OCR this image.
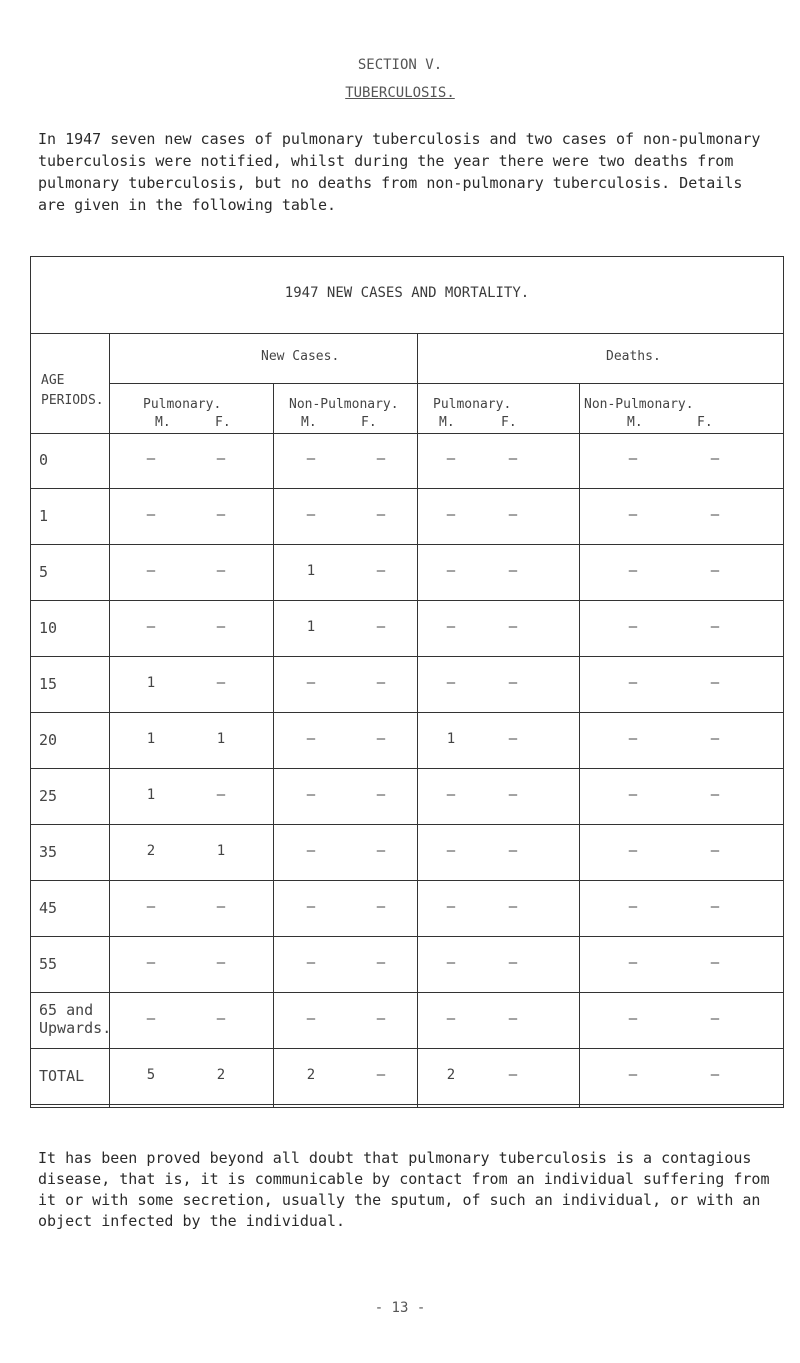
SECTION V.
TUBERCULOSIS.

In 1947 seven new cases of pulmonary tuberculosis and two cases of non-pulmonary tuberculosis were notified, whilst during the year there were two deaths from pulmonary tuberculosis, but no deaths from non-pulmonary tuberculosis. Details are given in the following table.

1947 NEW CASES AND MORTALITY.
AGE
PERIODS.
New Cases.	Deaths.
Pulmonary.	Non-Pulmonary.	Pulmonary.	Non-Pulmonary.
M.	F.	M.	F.	M.	F.	M.	F.
0	—	—	—	—	—	—	—	—
1	—	—	—	—	—	—	—	—
5	—	—	1	—	—	—	—	—
10	—	—	1	—	—	—	—	—
15	1	—	—	—	—	—	—	—
20	1	1	—	—	1	—	—	—
25	1	—	—	—	—	—	—	—
35	2	1	—	—	—	—	—	—
45	—	—	—	—	—	—	—	—
55	—	—	—	—	—	—	—	—
65 and Upwards.	—	—	—	—	—	—	—	—
TOTAL	5	2	2	—	2	—	—	—

It has been proved beyond all doubt that pulmonary tuberculosis is a contagious disease, that is, it is communicable by contact from an individual suffering from it or with some secretion, usually the sputum, of such an individual, or with an object infected by the individual.

- 13 -
